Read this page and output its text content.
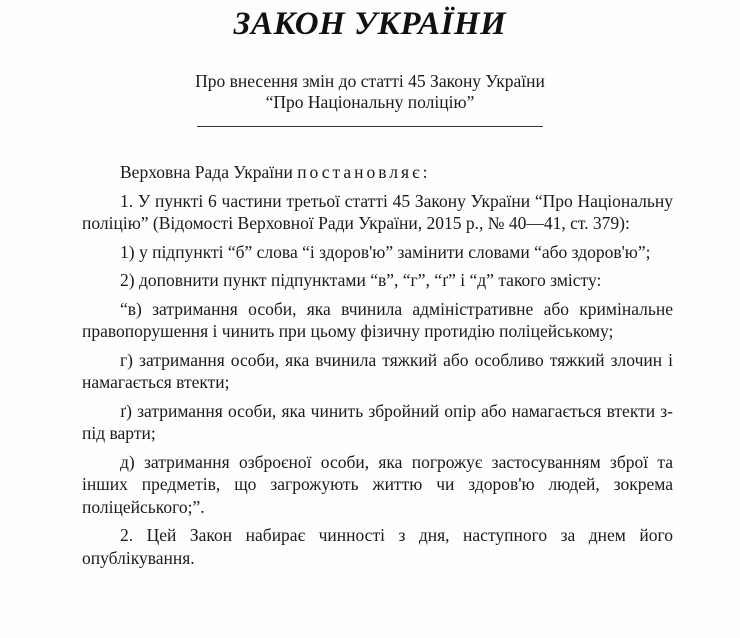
ЗАКОН УКРАЇНИ
Про внесення змін до статті 45 Закону України
“Про Національну поліцію”

Верховна Рада України постановляє:

1. У пункті 6 частини третьої статті 45 Закону України “Про Національну поліцію” (Відомості Верховної Ради України, 2015 р., № 40—41, ст. 379):

1) у підпункті “б” слова “і здоров'ю” замінити словами “або здоров'ю”;

2) доповнити пункт підпунктами “в”, “г”, “ґ” і “д” такого змісту:

“в) затримання особи, яка вчинила адміністративне або кримінальне правопорушення і чинить при цьому фізичну протидію поліцейському;

г) затримання особи, яка вчинила тяжкий або особливо тяжкий злочин і намагається втекти;

ґ) затримання особи, яка чинить збройний опір або намагається втекти з-під варти;

д) затримання озброєної особи, яка погрожує застосуванням зброї та інших предметів, що загрожують життю чи здоров'ю людей, зокрема поліцейського;”.

2. Цей Закон набирає чинності з дня, наступного за днем його опублікування.
